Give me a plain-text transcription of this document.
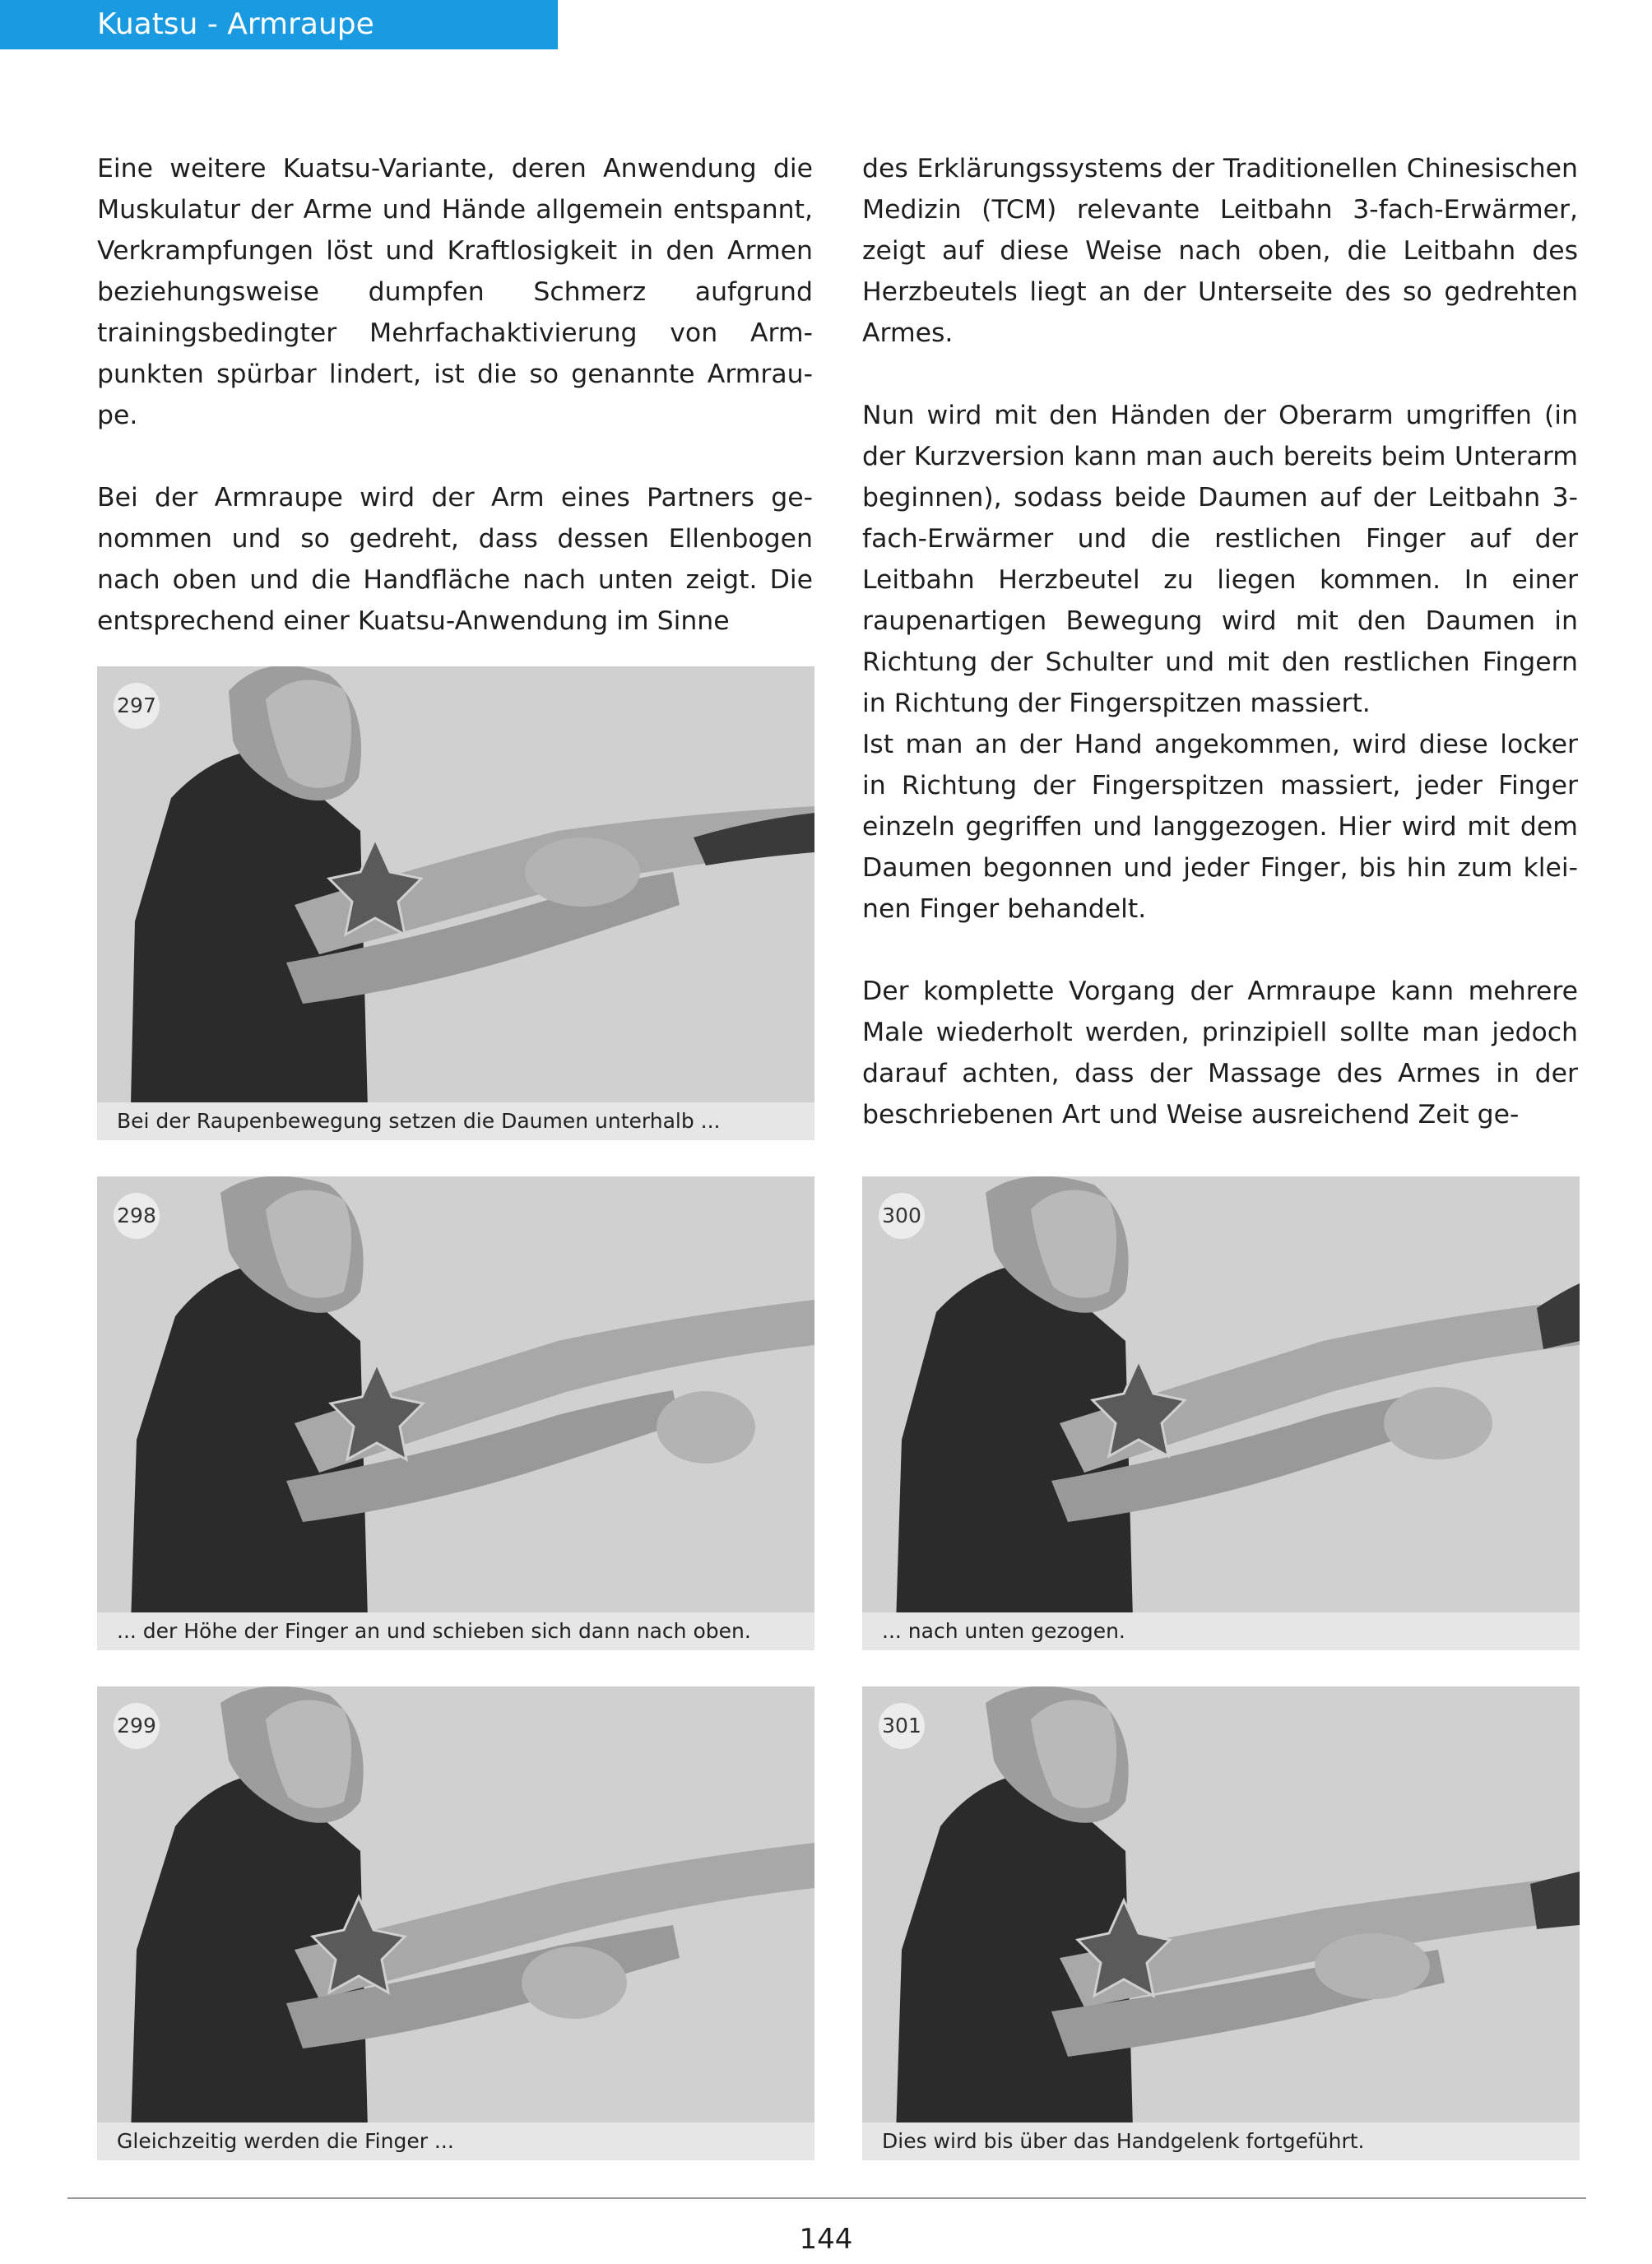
Kuatsu - Armraupe

Eine weitere Kuatsu-Variante, deren Anwendung die Muskulatur der Arme und Hände allgemein entspannt, Verkrampfungen löst und Kraftlosigkeit in den Armen beziehungsweise dumpfen Schmerz aufgrund trainingsbedingter Mehrfachaktivierung von Armpunkten spürbar lindert, ist die so genannte Armraupe.

Bei der Armraupe wird der Arm eines Partners genommen und so gedreht, dass dessen Ellenbogen nach oben und die Handfläche nach unten zeigt. Die entsprechend einer Kuatsu-Anwendung im Sinne

des Erklärungssystems der Traditionellen Chinesischen Medizin (TCM) relevante Leitbahn 3-fach-Erwärmer, zeigt auf diese Weise nach oben, die Leitbahn des Herzbeutels liegt an der Unterseite des so gedrehten Armes.

Nun wird mit den Händen der Oberarm umgriffen (in der Kurzversion kann man auch bereits beim Unterarm beginnen), sodass beide Daumen auf der Leitbahn 3-fach-Erwärmer und die restlichen Finger auf der Leitbahn Herzbeutel zu liegen kommen. In einer raupenartigen Bewegung wird mit den Daumen in Richtung der Schulter und mit den restlichen Fingern in Richtung der Fingerspitzen massiert.

Ist man an der Hand angekommen, wird diese locker in Richtung der Fingerspitzen massiert, jeder Finger einzeln gegriffen und langgezogen. Hier wird mit dem Daumen begonnen und jeder Finger, bis hin zum kleinen Finger behandelt.

Der komplette Vorgang der Armraupe kann mehrere Male wiederholt werden, prinzipiell sollte man jedoch darauf achten, dass der Massage des Armes in der beschriebenen Art und Weise ausreichend Zeit ge-

297
Bei der Raupenbewegung setzen die Daumen unterhalb ...
298
... der Höhe der Finger an und schieben sich dann nach oben.
300
... nach unten gezogen.
299
Gleichzeitig werden die Finger ...
301
Dies wird bis über das Handgelenk fortgeführt.
144
